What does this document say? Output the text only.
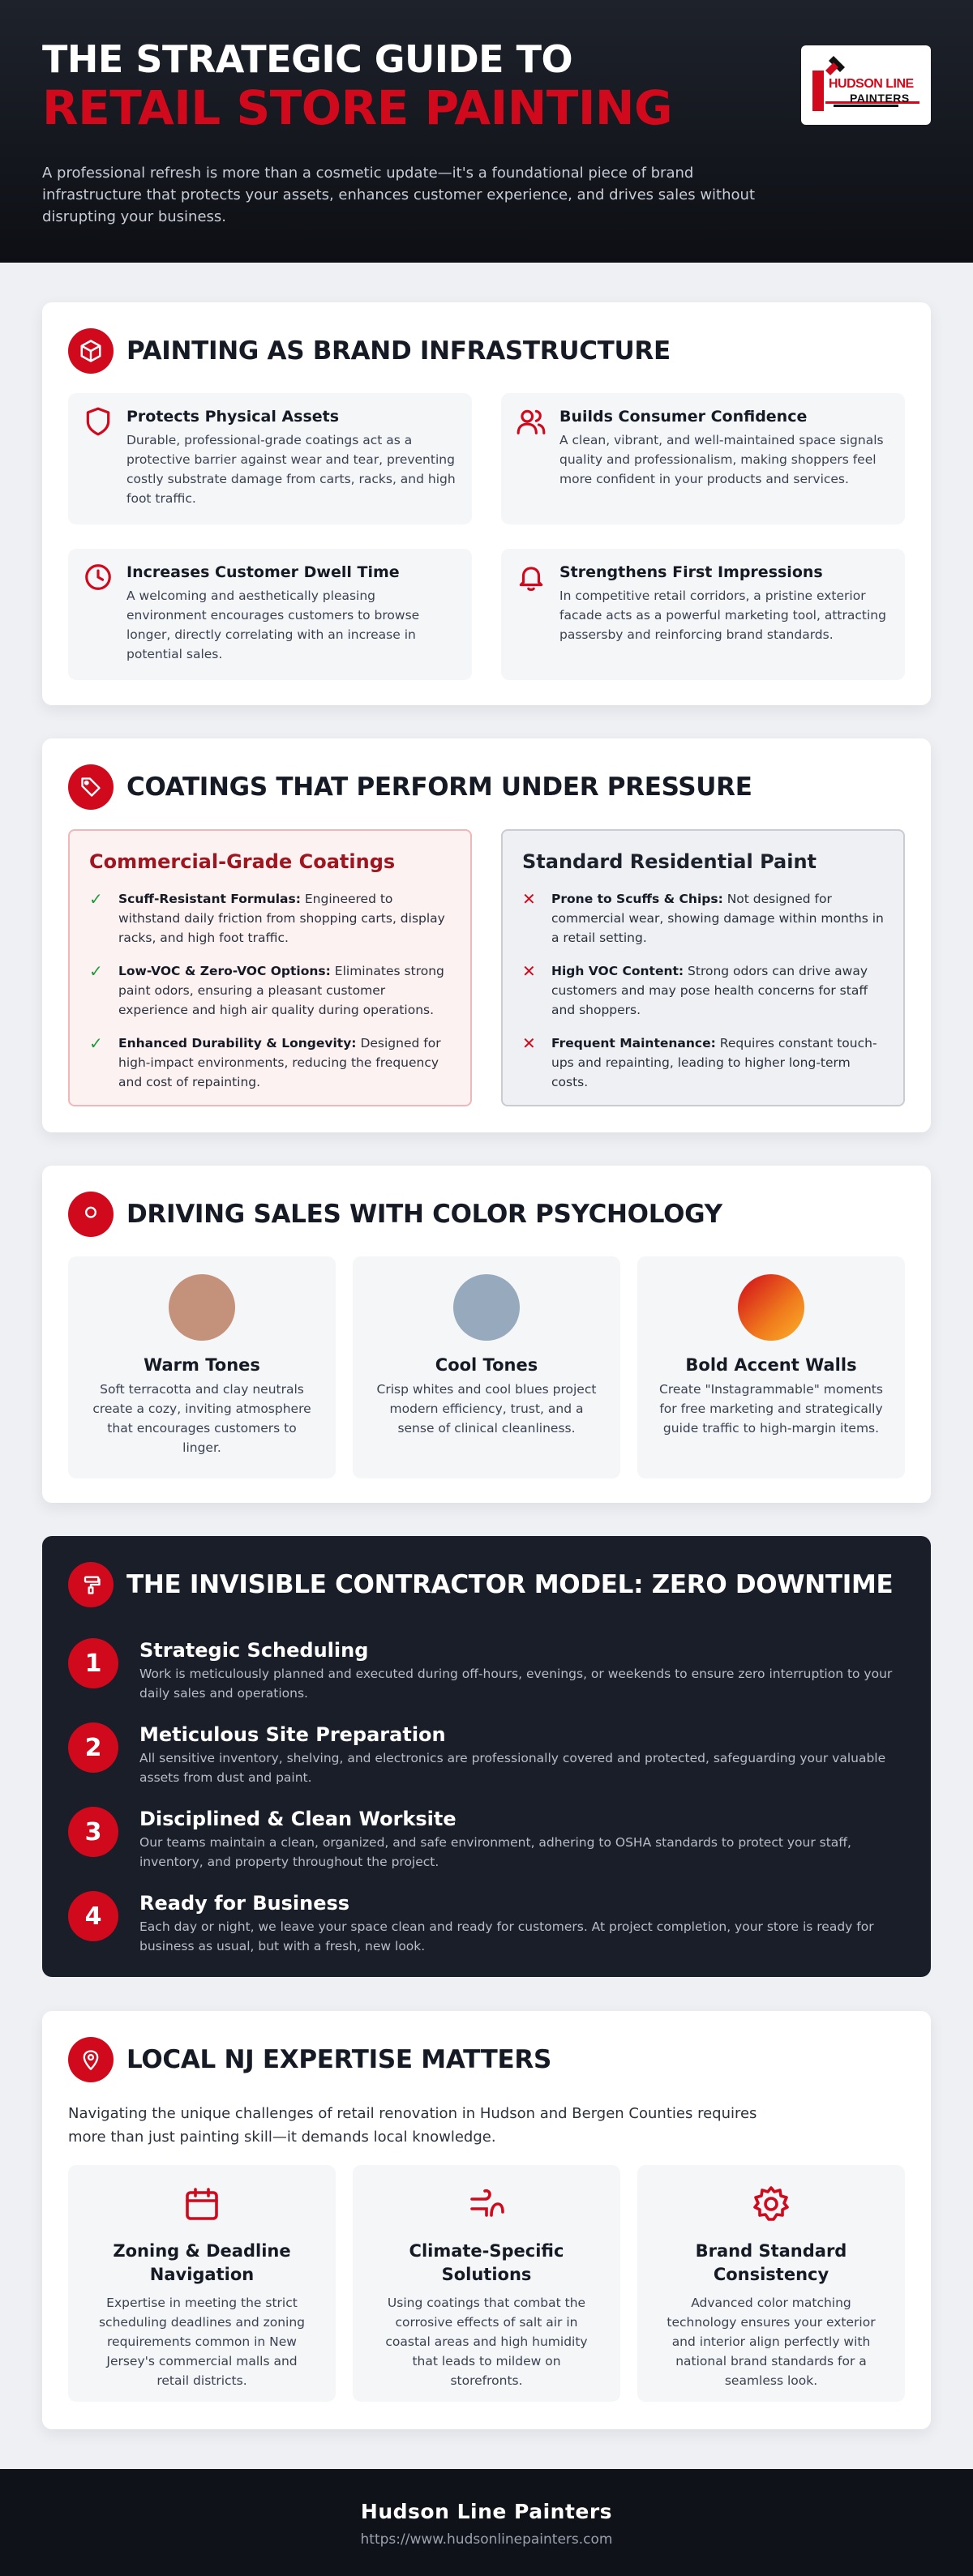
THE STRATEGIC GUIDE TO
RETAIL STORE PAINTING

A professional refresh is more than a cosmetic update—it's a foundational piece of brand infrastructure that protects your assets, enhances customer experience, and drives sales without disrupting your business.

HUDSON LINE
PAINTERS
PAINTING AS BRAND INFRASTRUCTURE
Protects Physical Assets
Durable, professional-grade coatings act as a protective barrier against wear and tear, preventing costly substrate damage from carts, racks, and high foot traffic.
Builds Consumer Confidence
A clean, vibrant, and well-maintained space signals quality and professionalism, making shoppers feel more confident in your products and services.
Increases Customer Dwell Time
A welcoming and aesthetically pleasing environment encourages customers to browse longer, directly correlating with an increase in potential sales.
Strengthens First Impressions
In competitive retail corridors, a pristine exterior facade acts as a powerful marketing tool, attracting passersby and reinforcing brand standards.
COATINGS THAT PERFORM UNDER PRESSURE
Commercial-Grade Coatings
✓	Scuff-Resistant Formulas: Engineered to withstand daily friction from shopping carts, display racks, and high foot traffic.
✓	Low-VOC & Zero-VOC Options: Eliminates strong paint odors, ensuring a pleasant customer experience and high air quality during operations.
✓	Enhanced Durability & Longevity: Designed for high-impact environments, reducing the frequency and cost of repainting.
Standard Residential Paint
✕	Prone to Scuffs & Chips: Not designed for commercial wear, showing damage within months in a retail setting.
✕	High VOC Content: Strong odors can drive away customers and may pose health concerns for staff and shoppers.
✕	Frequent Maintenance: Requires constant touch-ups and repainting, leading to higher long-term costs.
DRIVING SALES WITH COLOR PSYCHOLOGY
Warm Tones
Soft terracotta and clay neutrals create a cozy, inviting atmosphere that encourages customers to linger.
Cool Tones
Crisp whites and cool blues project modern efficiency, trust, and a sense of clinical cleanliness.
Bold Accent Walls
Create "Instagrammable" moments for free marketing and strategically guide traffic to high-margin items.
THE INVISIBLE CONTRACTOR MODEL: ZERO DOWNTIME
1	Strategic Scheduling
Work is meticulously planned and executed during off-hours, evenings, or weekends to ensure zero interruption to your daily sales and operations.
2	Meticulous Site Preparation
All sensitive inventory, shelving, and electronics are professionally covered and protected, safeguarding your valuable assets from dust and paint.
3	Disciplined & Clean Worksite
Our teams maintain a clean, organized, and safe environment, adhering to OSHA standards to protect your staff, inventory, and property throughout the project.
4	Ready for Business
Each day or night, we leave your space clean and ready for customers. At project completion, your store is ready for business as usual, but with a fresh, new look.
LOCAL NJ EXPERTISE MATTERS

Navigating the unique challenges of retail renovation in Hudson and Bergen Counties requires more than just painting skill—it demands local knowledge.

Zoning & Deadline Navigation
Expertise in meeting the strict scheduling deadlines and zoning requirements common in New Jersey's commercial malls and retail districts.
Climate-Specific Solutions
Using coatings that combat the corrosive effects of salt air in coastal areas and high humidity that leads to mildew on storefronts.
Brand Standard Consistency
Advanced color matching technology ensures your exterior and interior align perfectly with national brand standards for a seamless look.
Hudson Line Painters
https://www.hudsonlinepainters.com
